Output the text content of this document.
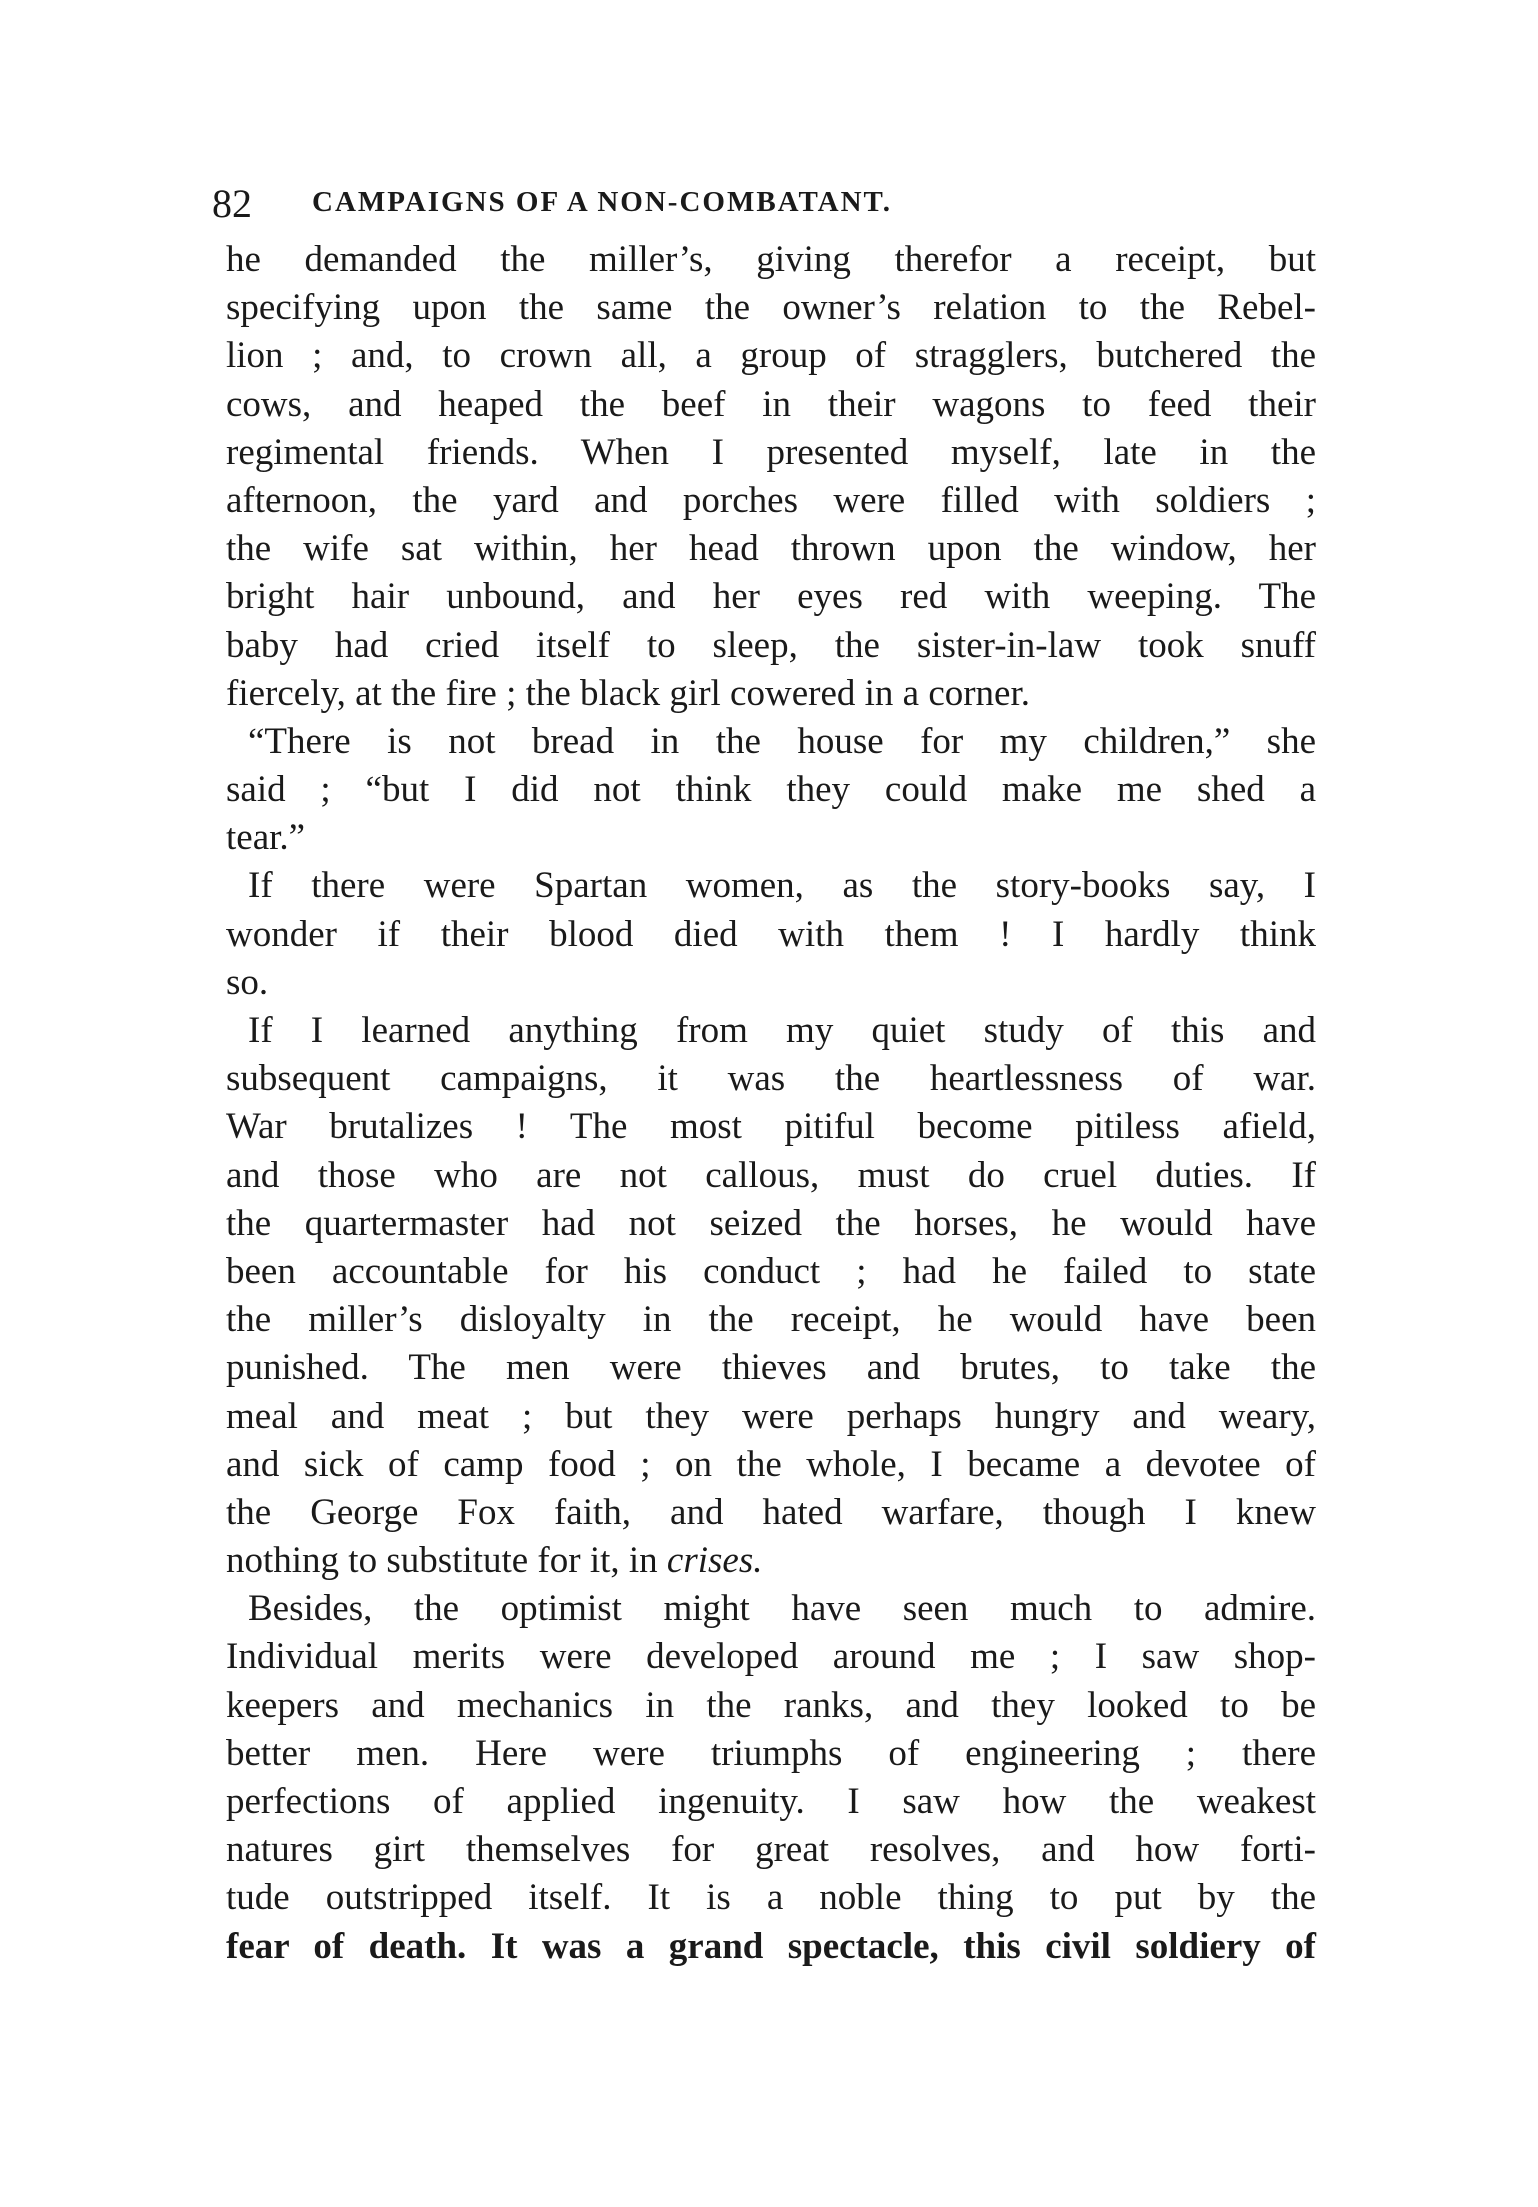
82 CAMPAIGNS OF A NON-COMBATANT.
he demanded the miller’s, giving therefor a receipt, but
specifying upon the same the owner’s relation to the Rebel-
lion ; and, to crown all, a group of stragglers, butchered the
cows, and heaped the beef in their wagons to feed their
regimental friends. When I presented myself, late in the
afternoon, the yard and porches were filled with soldiers ;
the wife sat within, her head thrown upon the window, her
bright hair unbound, and her eyes red with weeping. The
baby had cried itself to sleep, the sister-in-law took snuff
fiercely, at the fire ; the black girl cowered in a corner.
“There is not bread in the house for my children,” she
said ; “but I did not think they could make me shed a
tear.”
If there were Spartan women, as the story-books say, I
wonder if their blood died with them ! I hardly think
so.
If I learned anything from my quiet study of this and
subsequent campaigns, it was the heartlessness of war.
War brutalizes ! The most pitiful become pitiless afield,
and those who are not callous, must do cruel duties. If
the quartermaster had not seized the horses, he would have
been accountable for his conduct ; had he failed to state
the miller’s disloyalty in the receipt, he would have been
punished. The men were thieves and brutes, to take the
meal and meat ; but they were perhaps hungry and weary,
and sick of camp food ; on the whole, I became a devotee of
the George Fox faith, and hated warfare, though I knew
nothing to substitute for it, in crises.
Besides, the optimist might have seen much to admire.
Individual merits were developed around me ; I saw shop-
keepers and mechanics in the ranks, and they looked to be
better men. Here were triumphs of engineering ; there
perfections of applied ingenuity. I saw how the weakest
natures girt themselves for great resolves, and how forti-
tude outstripped itself. It is a noble thing to put by the
fear of death. It was a grand spectacle, this civil soldiery of
